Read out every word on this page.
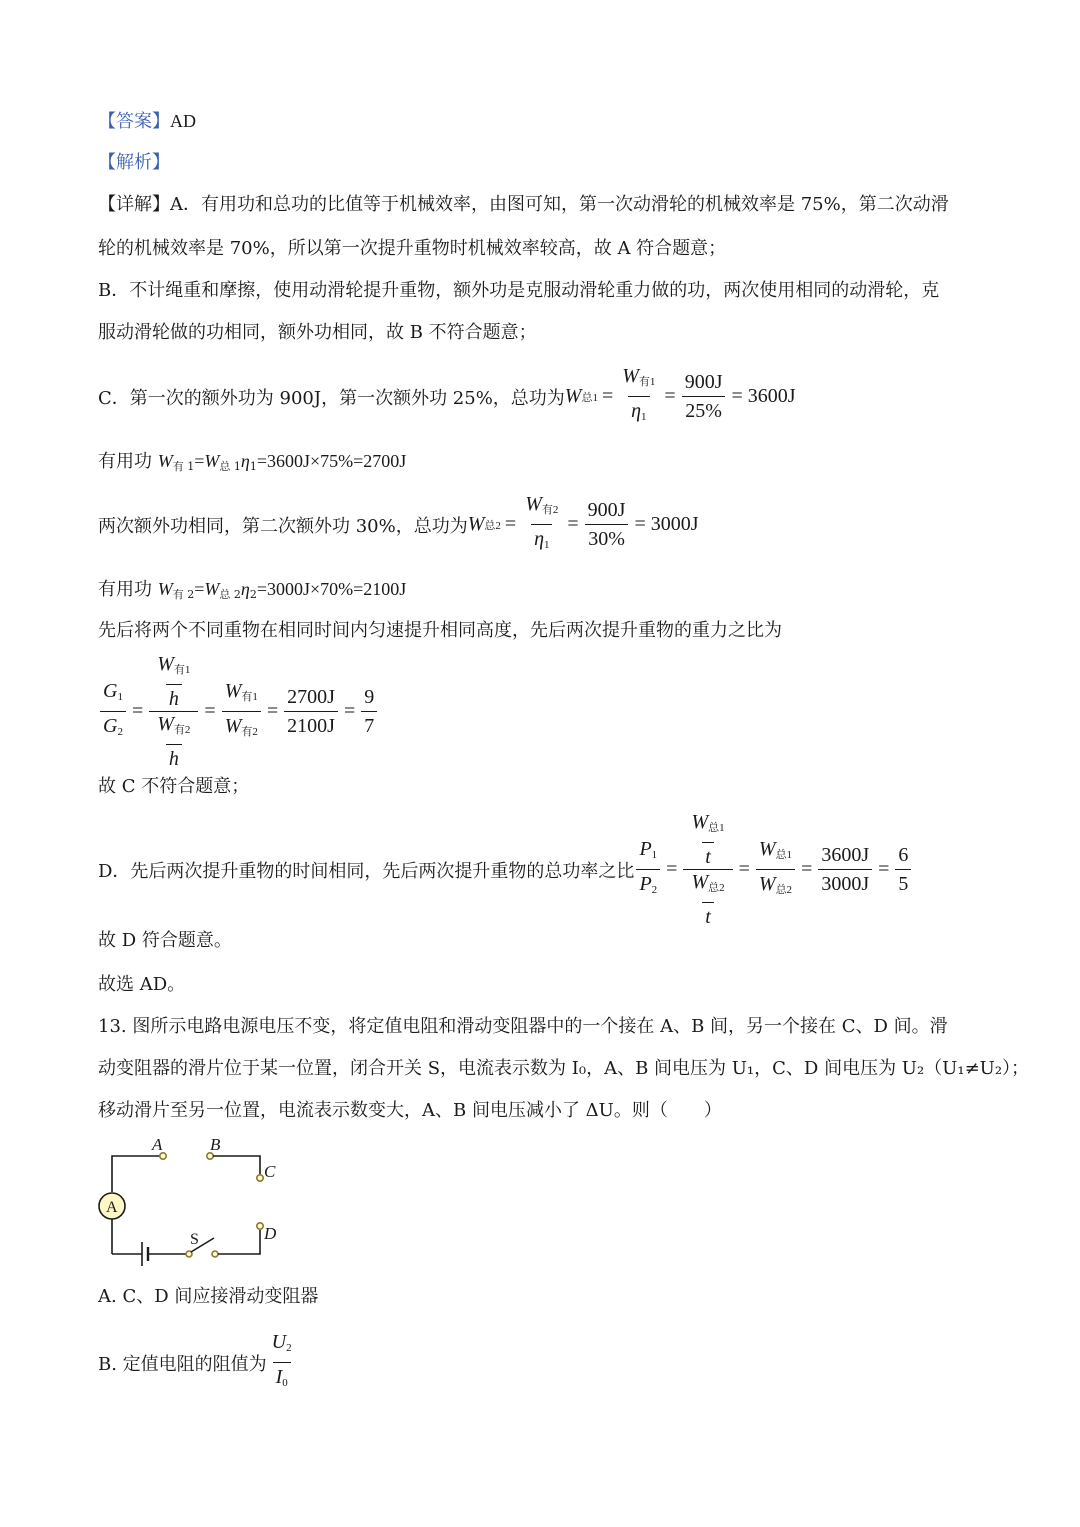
【答案】AD
【解析】
【详解】A．有用功和总功的比值等于机械效率，由图可知，第一次动滑轮的机械效率是 75%，第二次动滑
轮的机械效率是 70%，所以第一次提升重物时机械效率较高，故 A 符合题意；
B．不计绳重和摩擦，使用动滑轮提升重物，额外功是克服动滑轮重力做的功，两次使用相同的动滑轮，克
服动滑轮做的功相同，额外功相同，故 B 不符合题意；
C．第一次的额外功为 900J，第一次额外功 25%，总功为 W 总$1 = \frac{W_{有1}}{\eta_1} = \frac{900J}{25\%} = 3600J$
有用功 $W_{有 1}=W_{总 1}\eta_1=3600J\times 75\%=2700J$
两次额外功相同，第二次额外功 30%，总功为 W 总$2 = \frac{W_{有2}}{\eta_1} = \frac{900J}{30\%} = 3000J$
有用功 $W_{有 2}=W_{总 2}\eta_2=3000J\times 70\%=2100J$
先后将两个不同重物在相同时间内匀速提升相同高度，先后两次提升重物的重力之比为
$\frac{G_1}{G_2} = \frac{\frac{W_{有1}}{h}}{\frac{W_{有2}}{h}} = \frac{W_{有1}}{W_{有2}} = \frac{2700J}{2100J} = \frac{9}{7}$
故 C 不符合题意；
D．先后两次提升重物的时间相同，先后两次提升重物的总功率之比 $\frac{P_1}{P_2} = \frac{\frac{W_{总1}}{t}}{\frac{W_{总2}}{t}} = \frac{W_{总1}}{W_{总2}} = \frac{3600J}{3000J} = \frac{6}{5}$
故 D 符合题意。
故选 AD。
13. 图所示电路电源电压不变，将定值电阻和滑动变阻器中的一个接在 A、B 间，另一个接在 C、D 间。滑
动变阻器的滑片位于某一位置，闭合开关 S，电流表示数为 I₀，A、B 间电压为 U₁，C、D 间电压为 U₂（U₁≠U₂）；
移动滑片至另一位置，电流表示数变大，A、B 间电压减小了 ΔU。则（　　）
A	B
C
D
S
A
A. C、D 间应接滑动变阻器
B. 定值电阻的阻值为 $\frac{U_2}{I_0}$
